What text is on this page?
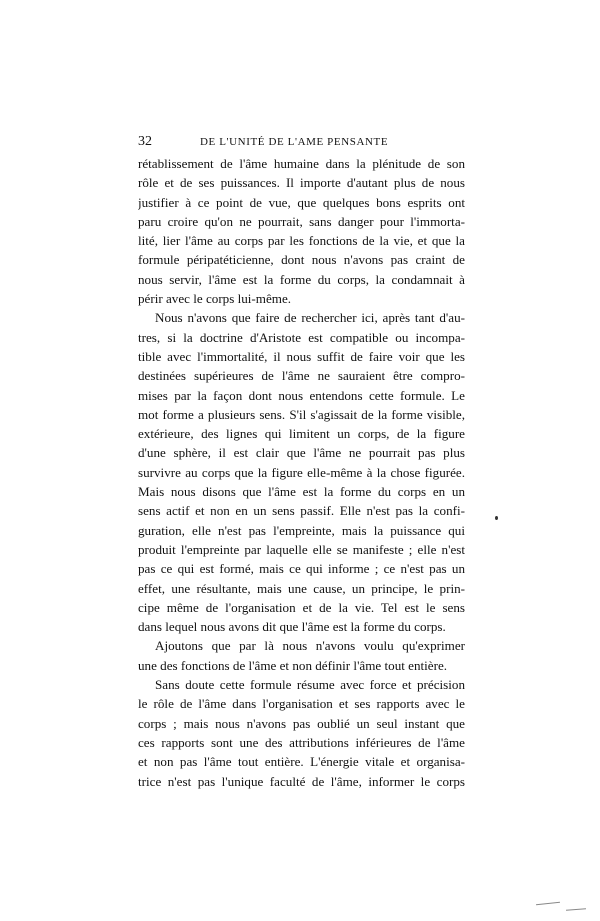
32	DE L'UNITÉ DE L'AME PENSANTE
rétablissement de l'âme humaine dans la plénitude de son
rôle et de ses puissances. Il importe d'autant plus de nous
justifier à ce point de vue, que quelques bons esprits ont
paru croire qu'on ne pourrait, sans danger pour l'immorta-
lité, lier l'âme au corps par les fonctions de la vie, et que la
formule péripatéticienne, dont nous n'avons pas craint de
nous servir, l'âme est la forme du corps, la condamnait à
périr avec le corps lui-même.
Nous n'avons que faire de rechercher ici, après tant d'au-
tres, si la doctrine d'Aristote est compatible ou incompa-
tible avec l'immortalité, il nous suffit de faire voir que les
destinées supérieures de l'âme ne sauraient être compro-
mises par la façon dont nous entendons cette formule. Le
mot forme a plusieurs sens. S'il s'agissait de la forme visible,
extérieure, des lignes qui limitent un corps, de la figure
d'une sphère, il est clair que l'âme ne pourrait pas plus
survivre au corps que la figure elle-même à la chose figurée.
Mais nous disons que l'âme est la forme du corps en un
sens actif et non en un sens passif. Elle n'est pas la confi-
guration, elle n'est pas l'empreinte, mais la puissance qui
produit l'empreinte par laquelle elle se manifeste ; elle n'est
pas ce qui est formé, mais ce qui informe ; ce n'est pas un
effet, une résultante, mais une cause, un principe, le prin-
cipe même de l'organisation et de la vie. Tel est le sens
dans lequel nous avons dit que l'âme est la forme du corps.
Ajoutons que par là nous n'avons voulu qu'exprimer
une des fonctions de l'âme et non définir l'âme tout entière.
Sans doute cette formule résume avec force et précision
le rôle de l'âme dans l'organisation et ses rapports avec le
corps ; mais nous n'avons pas oublié un seul instant que
ces rapports sont une des attributions inférieures de l'âme
et non pas l'âme tout entière. L'énergie vitale et organisa-
trice n'est pas l'unique faculté de l'âme, informer le corps
